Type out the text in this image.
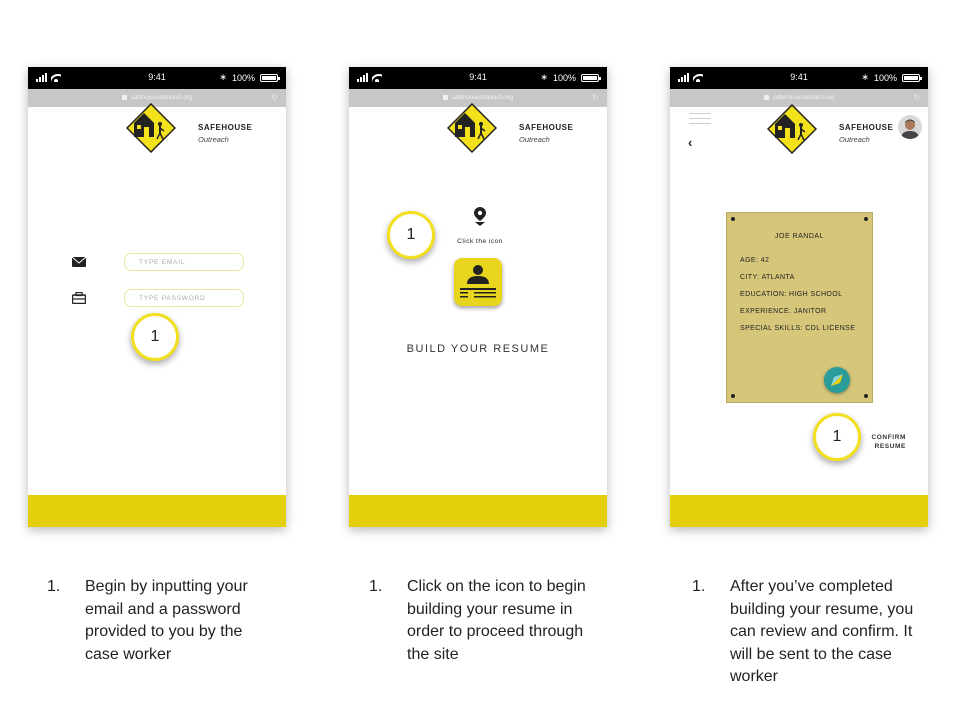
9:41	∗ 100%
safehouseoutreach.org	↻
SAFEHOUSE
Outreach
TYPE EMAIL
1
9:41	∗ 100%
safehouseoutreach.org	↻
SAFEHOUSE
Outreach
1	Click the icon
BUILD YOUR RESUME
9:41	∗ 100%
safehouseoutreach.org	↻
‹
SAFEHOUSE
Outreach
JOE RANDAL
AGE: 42
CITY: ATLANTA
EDUCATION: HIGH SCHOOL
EXPERIENCE: JANITOR
SPECIAL SKILLS: CDL LICENSE
1	CONFIRM
RESUME
1. Begin by inputting your email and a password provided to you by the case worker
1. Click on the icon to begin building your resume in order to proceed through the site
1. After you’ve completed building your resume, you can review and confirm. It will be sent to the case worker
